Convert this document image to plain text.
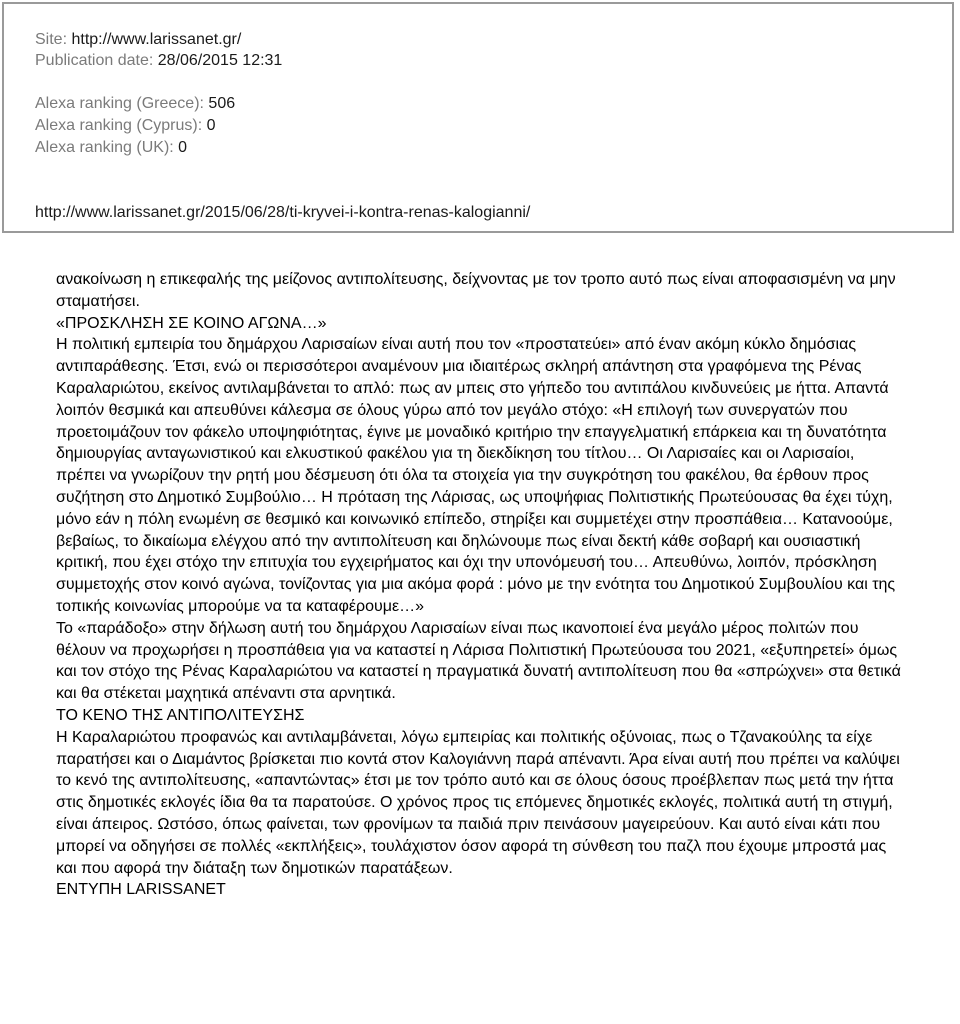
Site: http://www.larissanet.gr/
Publication date: 28/06/2015 12:31
Alexa ranking (Greece): 506
Alexa ranking (Cyprus): 0
Alexa ranking (UK): 0
http://www.larissanet.gr/2015/06/28/ti-kryvei-i-kontra-renas-kalogianni/

ανακοίνωση η επικεφαλής της μείζονος αντιπολίτευσης, δείχνοντας με τον τροπο αυτό πως είναι αποφασισμένη να μην σταματήσει.

«ΠΡΟΣΚΛΗΣΗ ΣΕ ΚΟΙΝΟ ΑΓΩΝΑ…»

Η πολιτική εμπειρία του δημάρχου Λαρισαίων είναι αυτή που τον «προστατεύει» από έναν ακόμη κύκλο δημόσιας αντιπαράθεσης. Έτσι, ενώ οι περισσότεροι αναμένουν μια ιδιαιτέρως σκληρή απάντηση στα γραφόμενα της Ρένας Καραλαριώτου, εκείνος αντιλαμβάνεται το απλό: πως αν μπεις στο γήπεδο του αντιπάλου κινδυνεύεις με ήττα. Απαντά λοιπόν θεσμικά και απευθύνει κάλεσμα σε όλους γύρω από τον μεγάλο στόχο: «Η επιλογή των συνεργατών που προετοιμάζουν τον φάκελο υποψηφιότητας, έγινε με μοναδικό κριτήριο την επαγγελματική επάρκεια και τη δυνατότητα δημιουργίας ανταγωνιστικού και ελκυστικού φακέλου για τη διεκδίκηση του τίτλου… Οι Λαρισαίες και οι Λαρισαίοι, πρέπει να γνωρίζουν την ρητή μου δέσμευση ότι όλα τα στοιχεία για την συγκρότηση του φακέλου, θα έρθουν προς συζήτηση στο Δημοτικό Συμβούλιο… Η πρόταση της Λάρισας, ως υποψήφιας Πολιτιστικής Πρωτεύουσας θα έχει τύχη, μόνο εάν η πόλη ενωμένη σε θεσμικό και κοινωνικό επίπεδο, στηρίξει και συμμετέχει στην προσπάθεια… Κατανοούμε, βεβαίως, το δικαίωμα ελέγχου από την αντιπολίτευση και δηλώνουμε πως είναι δεκτή κάθε σοβαρή και ουσιαστική κριτική, που έχει στόχο την επιτυχία του εγχειρήματος και όχι την υπονόμευσή του… Απευθύνω, λοιπόν, πρόσκληση συμμετοχής στον κοινό αγώνα, τονίζοντας για μια ακόμα φορά : μόνο με την ενότητα του Δημοτικού Συμβουλίου και της τοπικής κοινωνίας μπορούμε να τα καταφέρουμε…»

Το «παράδοξο» στην δήλωση αυτή του δημάρχου Λαρισαίων είναι πως ικανοποιεί ένα μεγάλο μέρος πολιτών που θέλουν να προχωρήσει η προσπάθεια για να καταστεί η Λάρισα Πολιτιστική Πρωτεύουσα του 2021, «εξυπηρετεί» όμως και τον στόχο της Ρένας Καραλαριώτου να καταστεί η πραγματικά δυνατή αντιπολίτευση που θα «σπρώχνει» στα θετικά και θα στέκεται μαχητικά απέναντι στα αρνητικά.

ΤΟ ΚΕΝΟ ΤΗΣ ΑΝΤΙΠΟΛΙΤΕΥΣΗΣ

Η Καραλαριώτου προφανώς και αντιλαμβάνεται, λόγω εμπειρίας και πολιτικής οξύνοιας, πως ο Τζανακούλης τα είχε παρατήσει και ο Διαμάντος βρίσκεται πιο κοντά στον Καλογιάννη παρά απέναντι. Άρα είναι αυτή που πρέπει να καλύψει το κενό της αντιπολίτευσης, «απαντώντας» έτσι με τον τρόπο αυτό και σε όλους όσους προέβλεπαν πως μετά την ήττα στις δημοτικές εκλογές ίδια θα τα παρατούσε. Ο χρόνος προς τις επόμενες δημοτικές εκλογές, πολιτικά αυτή τη στιγμή, είναι άπειρος. Ωστόσο, όπως φαίνεται, των φρονίμων τα παιδιά πριν πεινάσουν μαγειρεύουν. Και αυτό είναι κάτι που μπορεί να οδηγήσει σε πολλές «εκπλήξεις», τουλάχιστον όσον αφορά τη σύνθεση του παζλ που έχουμε μπροστά μας και που αφορά την διάταξη των δημοτικών παρατάξεων.

ΕΝΤΥΠΗ LARISSANET
